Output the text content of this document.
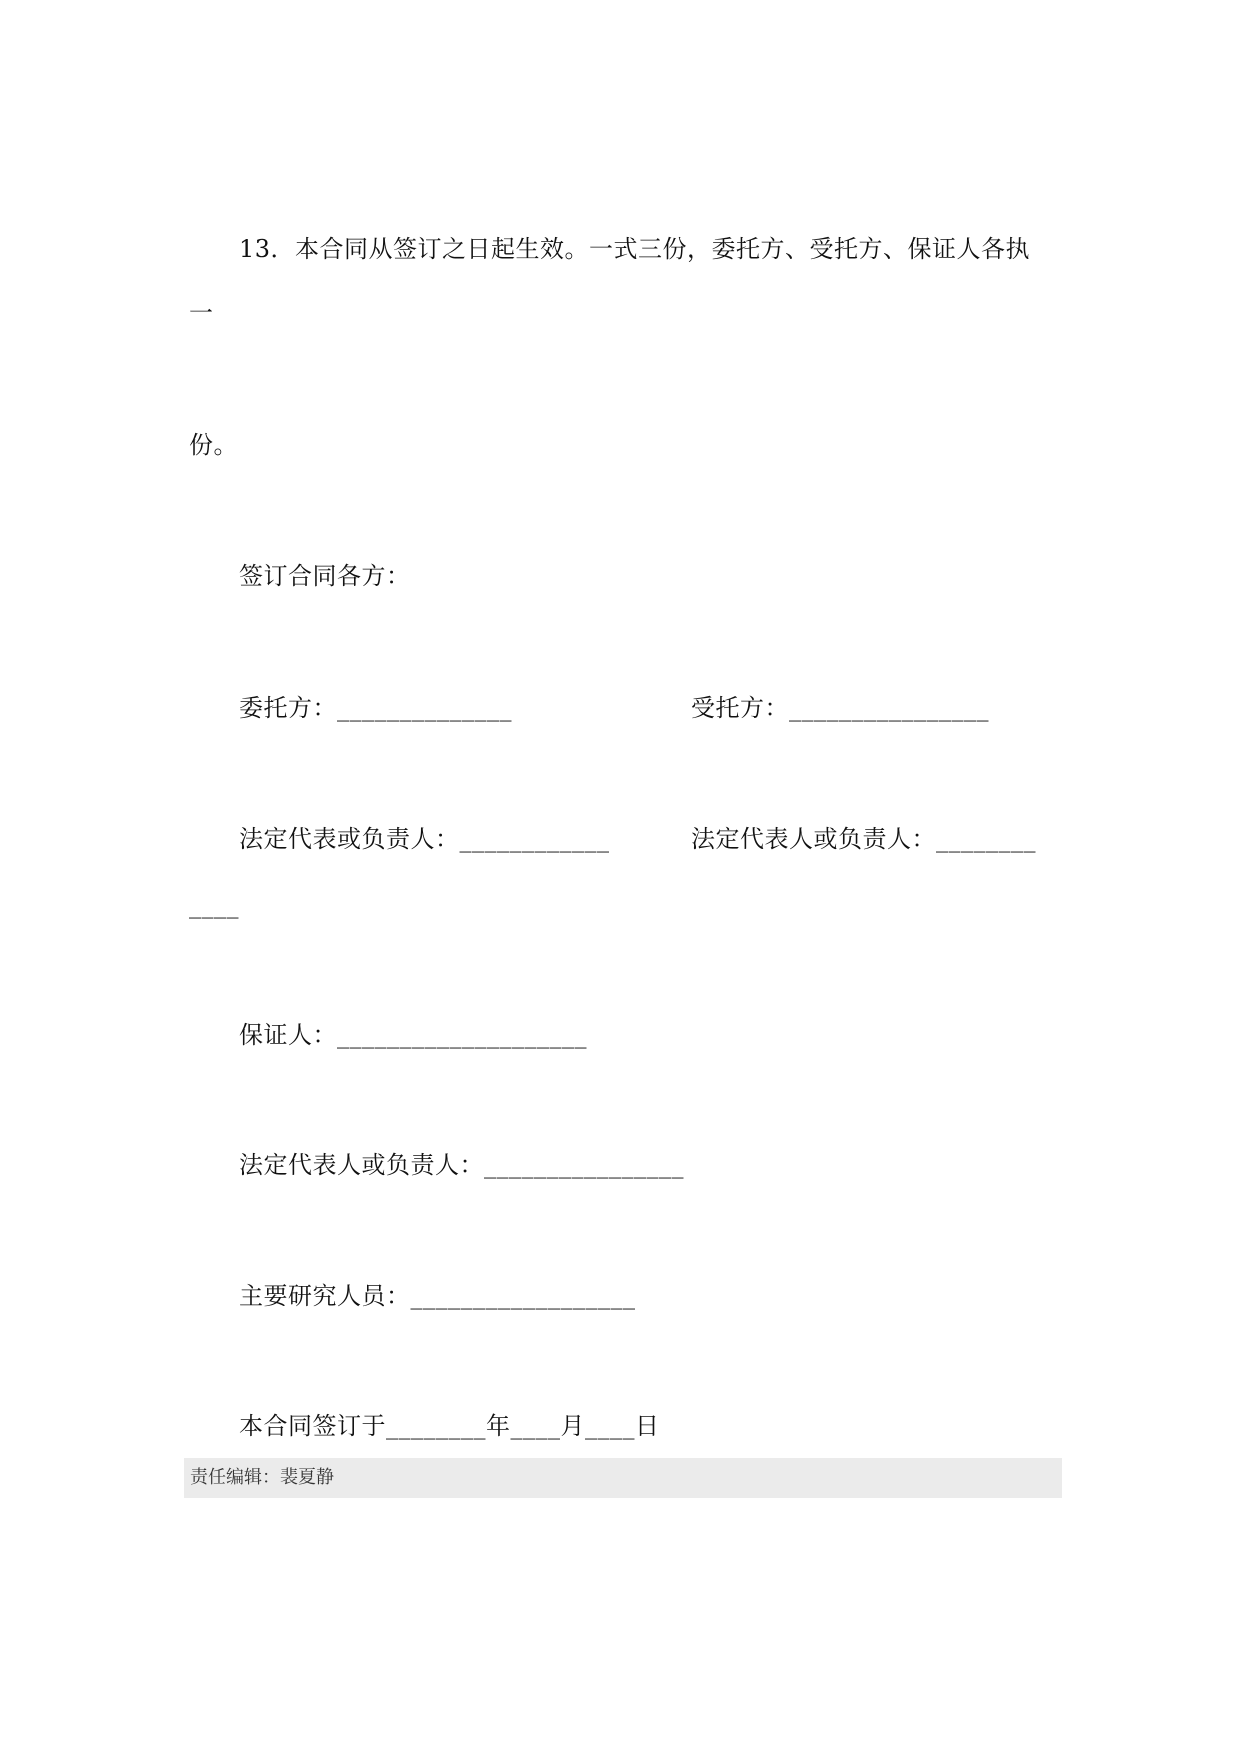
13．本合同从签订之日起生效。一式三份，委托方、受托方、保证人各执
一
份。
签订合同各方：
委托方：______________	受托方：________________
法定代表或负责人：____________	法定代表人或负责人：________
____
保证人：____________________
法定代表人或负责人：________________
主要研究人员：__________________
本合同签订于________年____月____日
责任编辑：裴夏静
